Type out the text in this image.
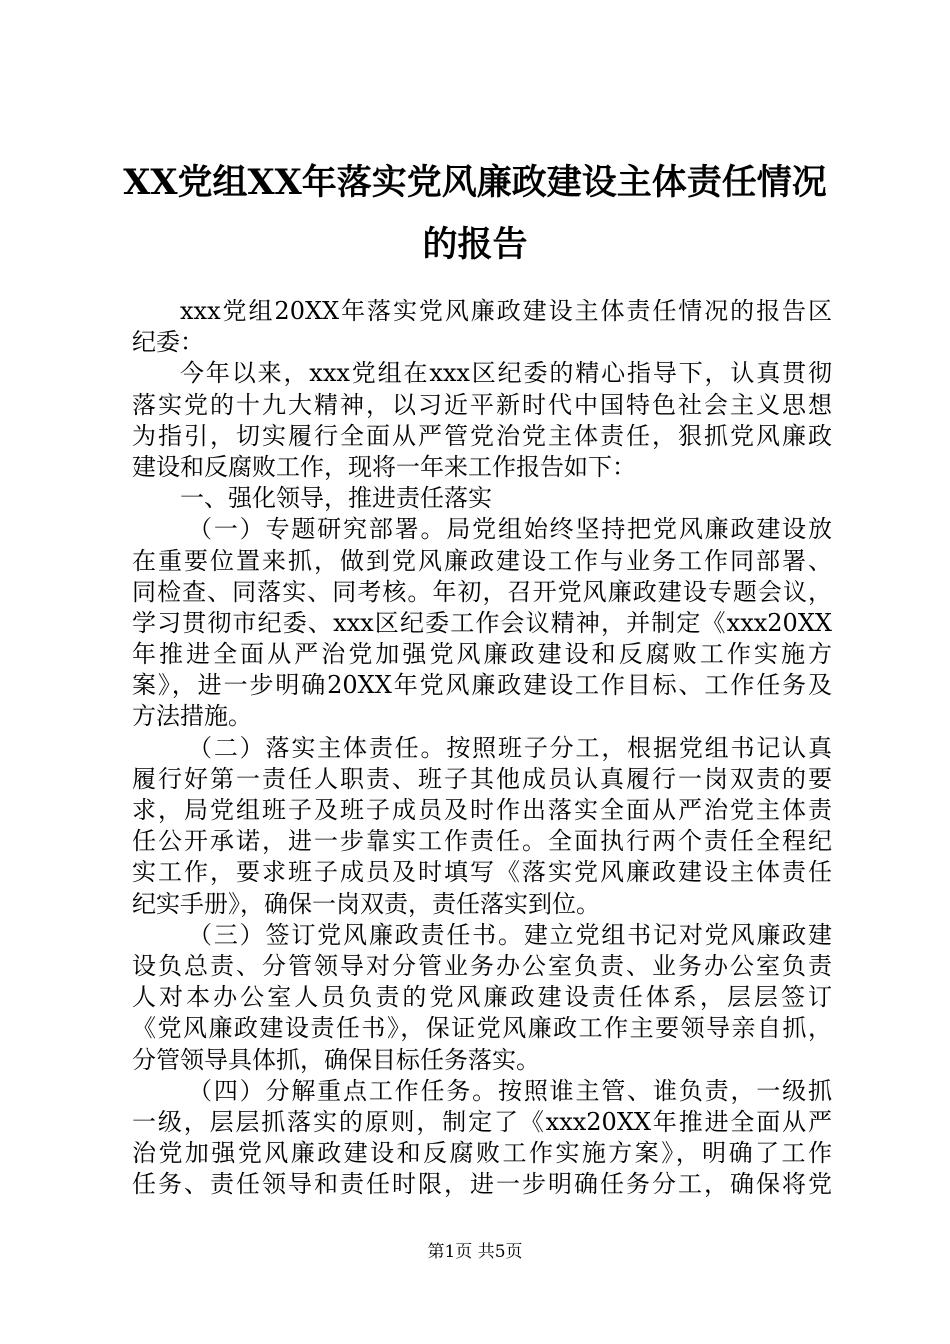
XX党组XX年落实党风廉政建设主体责任情况
的报告
xxx党组20XX年落实党风廉政建设主体责任情况的报告区
纪委：
今年以来，xxx党组在xxx区纪委的精心指导下，认真贯彻
落实党的十九大精神，以习近平新时代中国特色社会主义思想
为指引，切实履行全面从严管党治党主体责任，狠抓党风廉政
建设和反腐败工作，现将一年来工作报告如下：
一、强化领导，推进责任落实
（一）专题研究部署。局党组始终坚持把党风廉政建设放
在重要位置来抓，做到党风廉政建设工作与业务工作同部署、
同检查、同落实、同考核。年初，召开党风廉政建设专题会议，
学习贯彻市纪委、xxx区纪委工作会议精神，并制定《xxx20XX
年推进全面从严治党加强党风廉政建设和反腐败工作实施方
案》，进一步明确20XX年党风廉政建设工作目标、工作任务及
方法措施。
（二）落实主体责任。按照班子分工，根据党组书记认真
履行好第一责任人职责、班子其他成员认真履行一岗双责的要
求，局党组班子及班子成员及时作出落实全面从严治党主体责
任公开承诺，进一步靠实工作责任。全面执行两个责任全程纪
实工作，要求班子成员及时填写《落实党风廉政建设主体责任
纪实手册》，确保一岗双责，责任落实到位。
（三）签订党风廉政责任书。建立党组书记对党风廉政建
设负总责、分管领导对分管业务办公室负责、业务办公室负责
人对本办公室人员负责的党风廉政建设责任体系，层层签订
《党风廉政建设责任书》，保证党风廉政工作主要领导亲自抓，
分管领导具体抓，确保目标任务落实。
（四）分解重点工作任务。按照谁主管、谁负责，一级抓
一级，层层抓落实的原则，制定了《xxx20XX年推进全面从严
治党加强党风廉政建设和反腐败工作实施方案》，明确了工作
任务、责任领导和责任时限，进一步明确任务分工，确保将党
第1页 共5页
